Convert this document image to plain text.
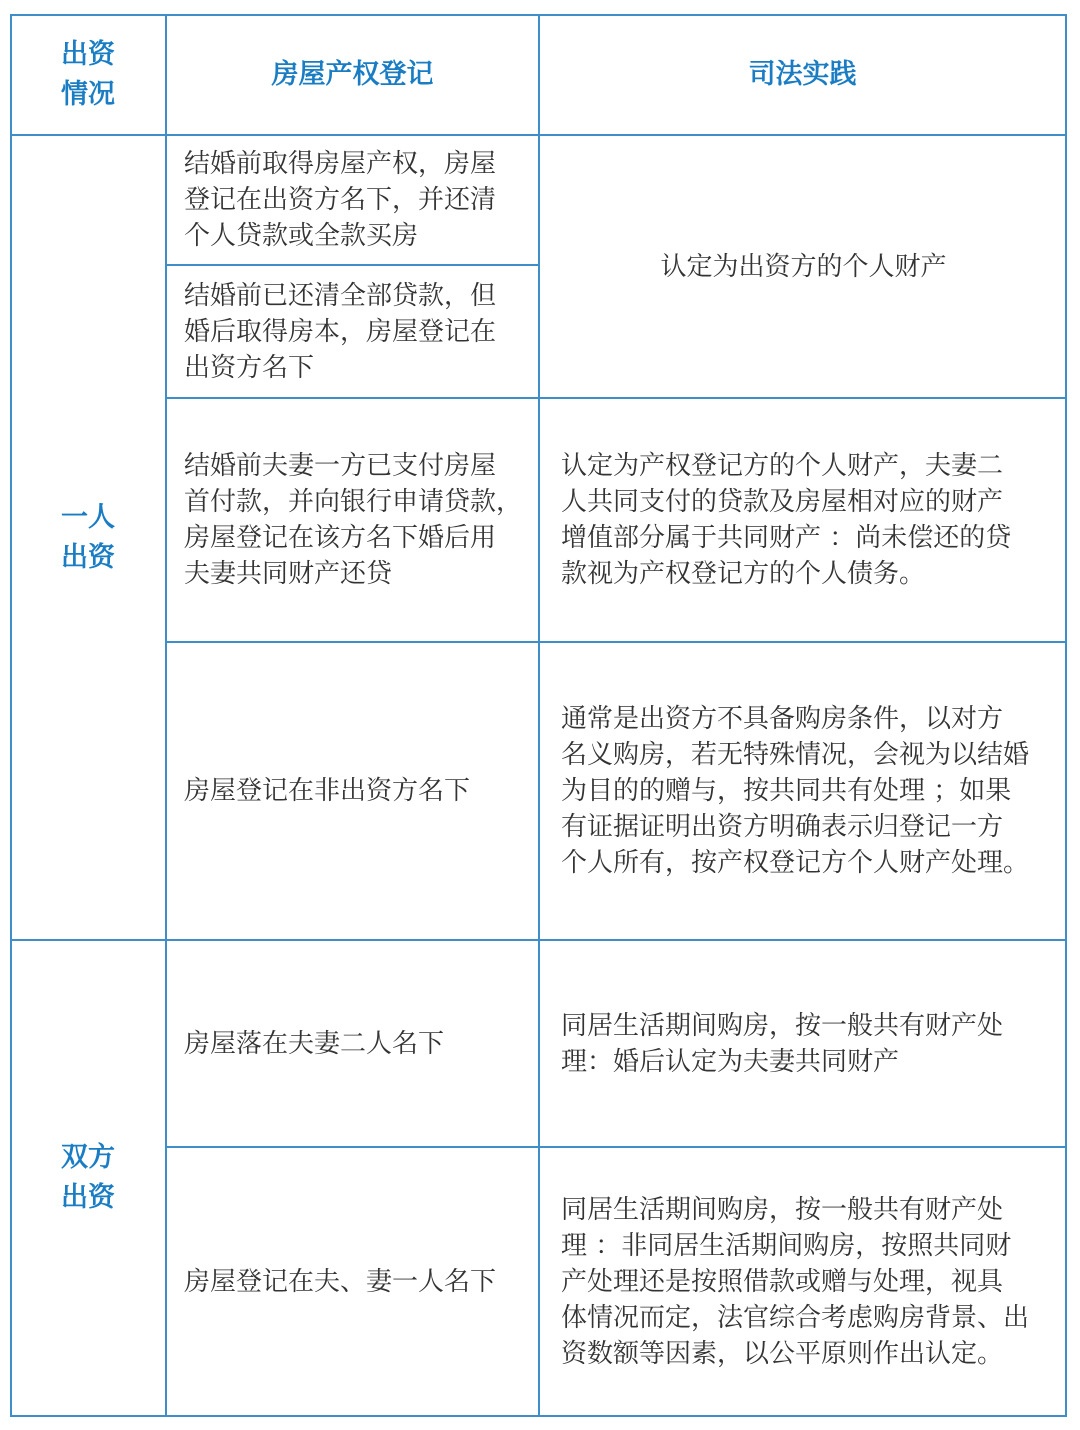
出资
情况
房屋产权登记	司法实践
一人
出资
结婚前取得房屋产权，房屋
登记在出资方名下，并还清
个人贷款或全款买房
结婚前已还清全部贷款，但
婚后取得房本，房屋登记在
出资方名下
认定为出资方的个人财产
结婚前夫妻一方已支付房屋
首付款，并向银行申请贷款，
房屋登记在该方名下婚后用
夫妻共同财产还贷
认定为产权登记方的个人财产，夫妻二
人共同支付的贷款及房屋相对应的财产
增值部分属于共同财产 ：尚未偿还的贷
款视为产权登记方的个人债务。
房屋登记在非出资方名下
通常是出资方不具备购房条件，以对方
名义购房，若无特殊情况，会视为以结婚
为目的的赠与，按共同共有处理 ；如果
有证据证明出资方明确表示归登记一方
个人所有，按产权登记方个人财产处理。
双方
出资
房屋落在夫妻二人名下
同居生活期间购房，按一般共有财产处
理：婚后认定为夫妻共同财产
房屋登记在夫、妻一人名下
同居生活期间购房，按一般共有财产处
理 ：非同居生活期间购房，按照共同财
产处理还是按照借款或赠与处理，视具
体情况而定，法官综合考虑购房背景、出
资数额等因素，以公平原则作出认定。
